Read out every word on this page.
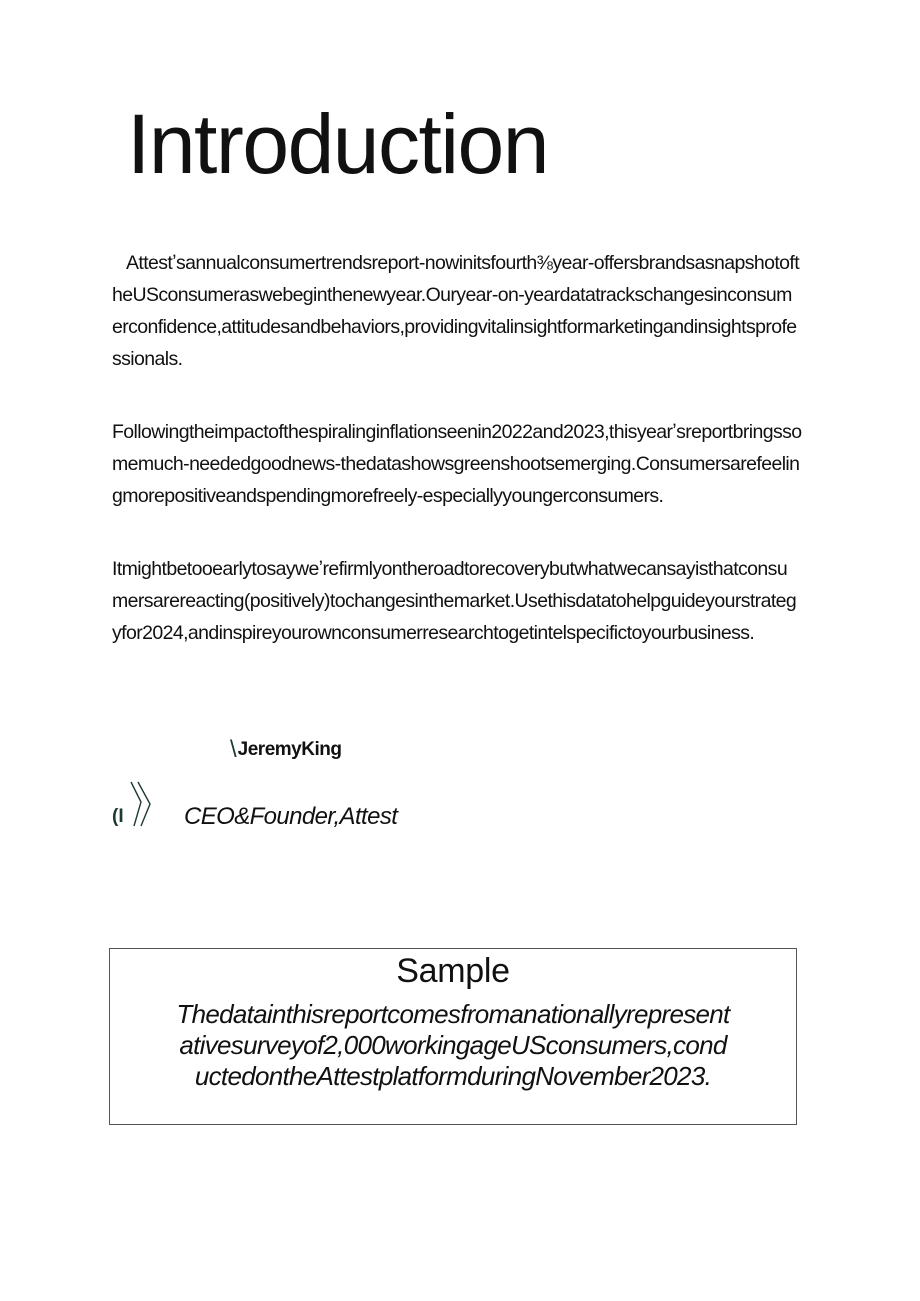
Introduction

Attestʼsannualconsumertrendsreport-nowinitsfourth⅜year-offersbrandsasnapshotoftheUSconsumeraswebeginthenewyear.Ouryear-on-yeardatatrackschangesinconsumerconfidence,attitudesandbehaviors,providingvitalinsightformarketingandinsightsprofessionals.

Followingtheimpactofthespiralinginflationseenin2022and2023,thisyearʼsreportbringssomemuch-neededgoodnews-thedatashowsgreenshootsemerging.Consumersarefeelingmorepositiveandspendingmorefreely-especiallyyoungerconsumers.

Itmightbetooearlytosayweʼrefirmlyontheroadtorecoverybutwhatwecansayisthatconsumersarereacting(positively)tochangesinthemarket.Usethisdatatohelpguideyourstrategyfor2024,andinspireyourownconsumerresearchtogetintelspecifictoyourbusiness.

\ JeremyKing
(I	CEO&Founder,Attest
Sample
Thedatainthisreportcomesfromanationallyrepresentativesurveyof2,000workingageUSconsumers,conductedontheAttestplatformduringNovember2023.
